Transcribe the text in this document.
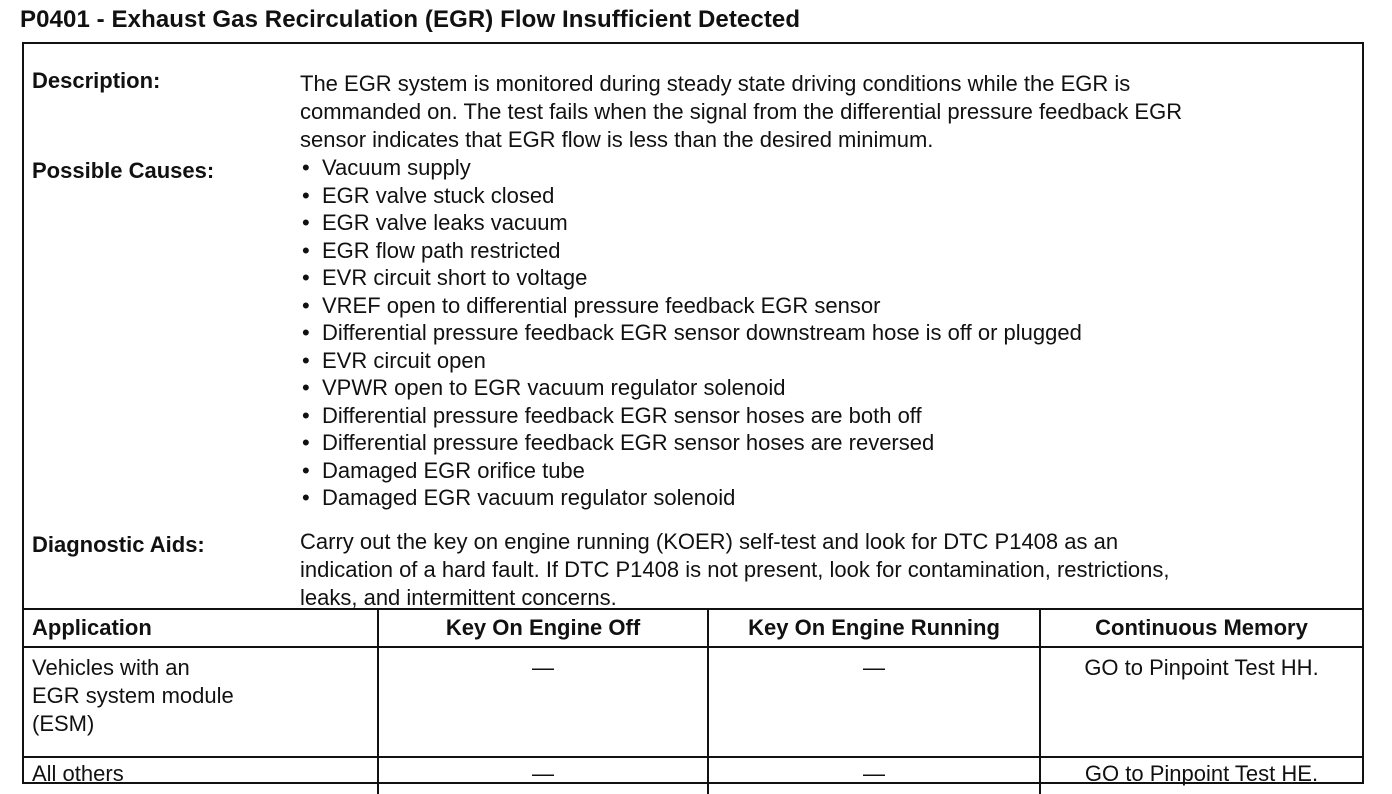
P0401 - Exhaust Gas Recirculation (EGR) Flow Insufficient Detected
Description:	The EGR system is monitored during steady state driving conditions while the EGR is

commanded on. The test fails when the signal from the differential pressure feedback EGR

sensor indicates that EGR flow is less than the desired minimum.

Possible Causes:	• Vacuum supply
• EGR valve stuck closed
• EGR valve leaks vacuum
• EGR flow path restricted
• EVR circuit short to voltage
• VREF open to differential pressure feedback EGR sensor
• Differential pressure feedback EGR sensor downstream hose is off or plugged
• EVR circuit open
• VPWR open to EGR vacuum regulator solenoid
• Differential pressure feedback EGR sensor hoses are both off
• Differential pressure feedback EGR sensor hoses are reversed
• Damaged EGR orifice tube
• Damaged EGR vacuum regulator solenoid
Diagnostic Aids:	Carry out the key on engine running (KOER) self-test and look for DTC P1408 as an

indication of a hard fault. If DTC P1408 is not present, look for contamination, restrictions,

leaks, and intermittent concerns.

Application	Key On Engine Off	Key On Engine Running	Continuous Memory

Vehicles with an
EGR system module
(ESM)	—	—	GO to Pinpoint Test HH.

All others	—	—	GO to Pinpoint Test HE.
